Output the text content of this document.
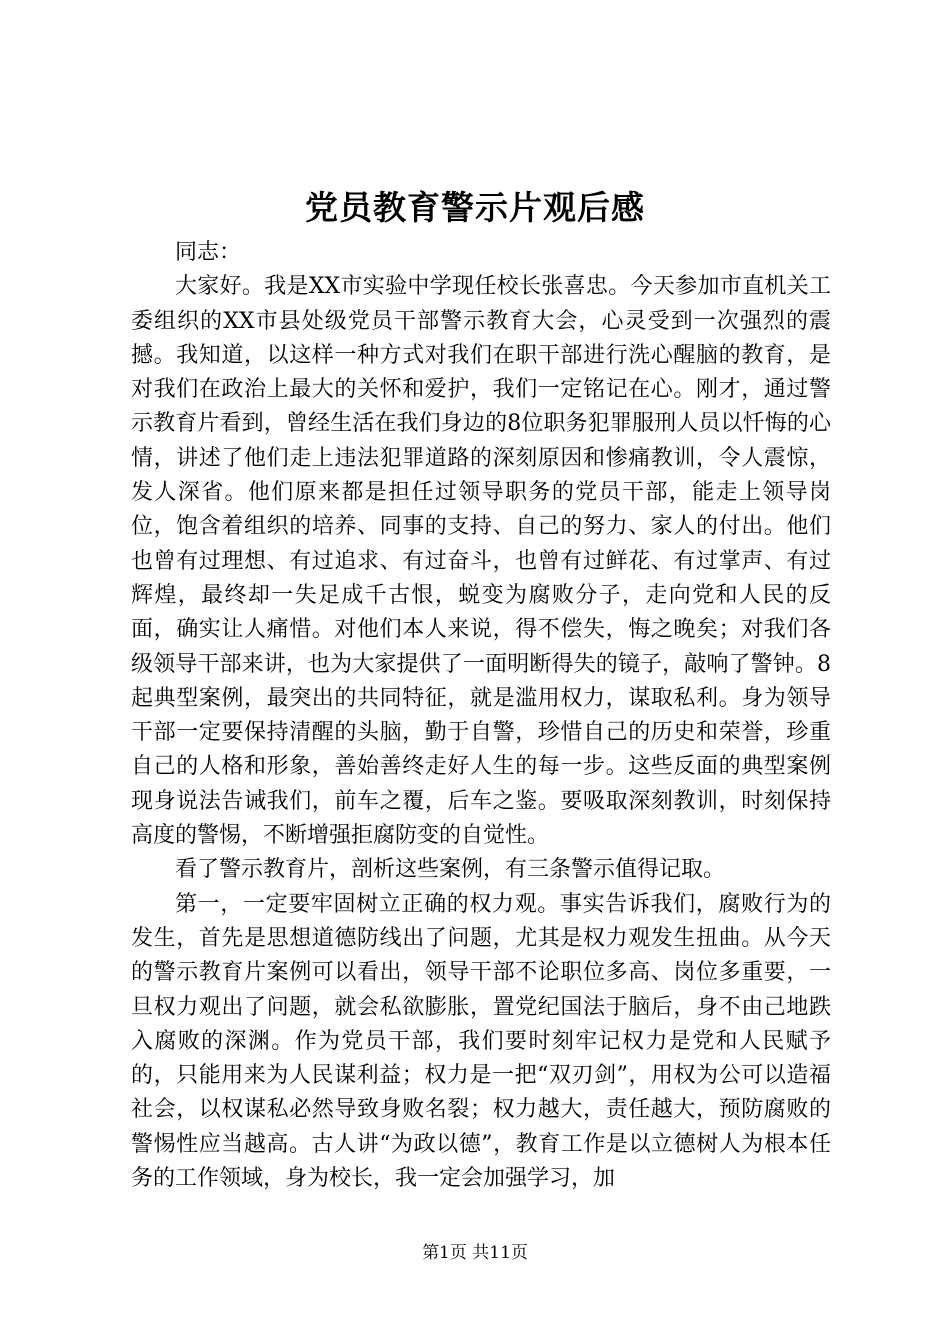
党员教育警示片观后感

同志：

大家好。我是XX市实验中学现任校长张喜忠。今天参加市直机关工委组织的XX市县处级党员干部警示教育大会，心灵受到一次强烈的震撼。我知道，以这样一种方式对我们在职干部进行洗心醒脑的教育，是对我们在政治上最大的关怀和爱护，我们一定铭记在心。刚才，通过警示教育片看到，曾经生活在我们身边的8位职务犯罪服刑人员以忏悔的心情，讲述了他们走上违法犯罪道路的深刻原因和惨痛教训，令人震惊，发人深省。他们原来都是担任过领导职务的党员干部，能走上领导岗位，饱含着组织的培养、同事的支持、自己的努力、家人的付出。他们也曾有过理想、有过追求、有过奋斗，也曾有过鲜花、有过掌声、有过辉煌，最终却一失足成千古恨，蜕变为腐败分子，走向党和人民的反面，确实让人痛惜。对他们本人来说，得不偿失，悔之晚矣；对我们各级领导干部来讲，也为大家提供了一面明断得失的镜子，敲响了警钟。8起典型案例，最突出的共同特征，就是滥用权力，谋取私利。身为领导干部一定要保持清醒的头脑，勤于自警，珍惜自己的历史和荣誉，珍重自己的人格和形象，善始善终走好人生的每一步。这些反面的典型案例现身说法告诫我们，前车之覆，后车之鉴。要吸取深刻教训，时刻保持高度的警惕，不断增强拒腐防变的自觉性。

看了警示教育片，剖析这些案例，有三条警示值得记取。

第一，一定要牢固树立正确的权力观。事实告诉我们，腐败行为的发生，首先是思想道德防线出了问题，尤其是权力观发生扭曲。从今天的警示教育片案例可以看出，领导干部不论职位多高、岗位多重要，一旦权力观出了问题，就会私欲膨胀，置党纪国法于脑后，身不由己地跌入腐败的深渊。作为党员干部，我们要时刻牢记权力是党和人民赋予的，只能用来为人民谋利益；权力是一把“双刃剑”，用权为公可以造福社会，以权谋私必然导致身败名裂；权力越大，责任越大，预防腐败的警惕性应当越高。古人讲“为政以德”，教育工作是以立德树人为根本任务的工作领域，身为校长，我一定会加强学习，加

第1页 共11页
